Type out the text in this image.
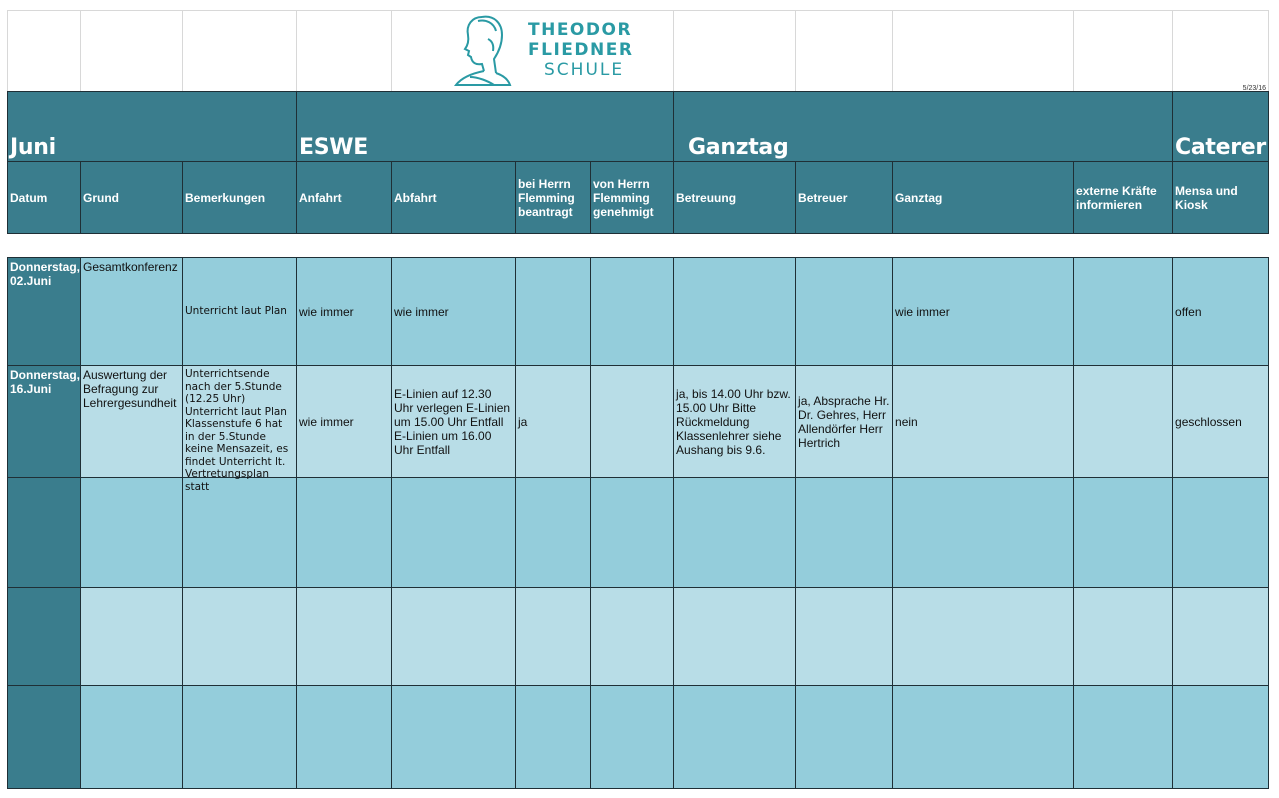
				THEODOR
FLIEDNER
SCHULE							5/23/16

Juni			ESWE				Ganztag				Caterer
Datum	Grund	Bemerkungen	Anfahrt	Abfahrt	bei Herrn Flemming beantragt	von Herrn Flemming genehmigt	Betreuung	Betreuer	Ganztag	externe Kräfte informieren	Mensa und Kiosk

Donnerstag, 02.Juni	Gesamtkonferenz	Unterricht laut Plan	wie immer	wie immer					wie immer		offen
Donnerstag, 16.Juni	Auswertung der Befragung zur Lehrergesundheit	Unterrichtsende nach der 5.Stunde (12.25 Uhr) Unterricht laut Plan Klassenstufe 6 hat in der 5.Stunde keine Mensazeit, es findet Unterricht lt. Vertretungsplan statt	wie immer	E-Linien auf 12.30 Uhr verlegen E-Linien um 15.00 Uhr Entfall E-Linien um 16.00 Uhr Entfall	ja		ja, bis 14.00 Uhr bzw. 15.00 Uhr Bitte Rückmeldung Klassenlehrer siehe Aushang bis 9.6.	ja, Absprache Hr. Dr. Gehres, Herr Allendörfer Herr Hertrich	nein		geschlossen
